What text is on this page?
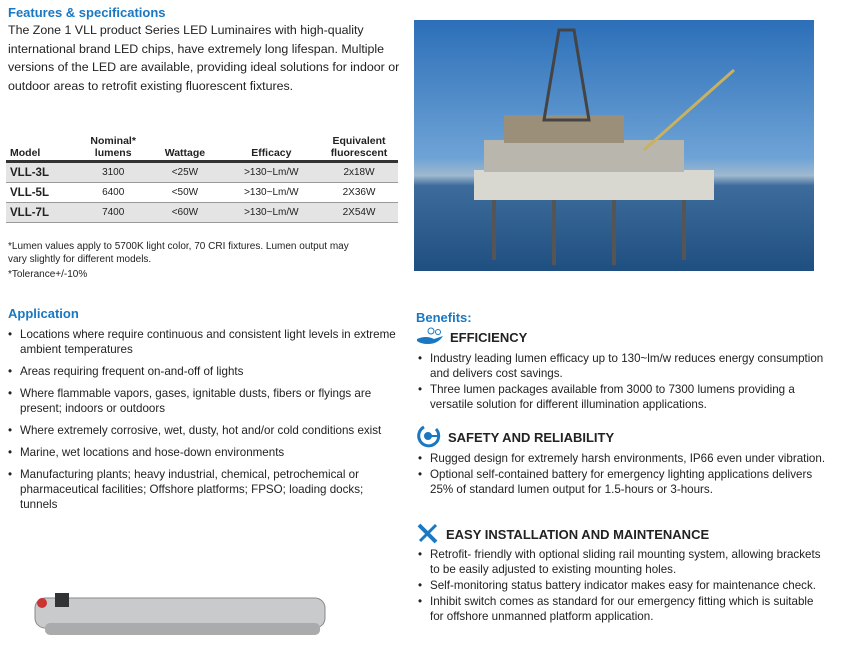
Features & specifications
The Zone 1 VLL product Series LED Luminaires with high-quality international brand LED chips, have extremely long lifespan. Multiple versions of the LED are available, providing ideal solutions for indoor or outdoor areas to retrofit existing fluorescent fixtures.
Model	Nominal* lumens	Wattage	Efficacy	Equivalent fluorescent
VLL-3L	3100	<25W	>130~Lm/W	2x18W
VLL-5L	6400	<50W	>130~Lm/W	2X36W
VLL-7L	7400	<60W	>130~Lm/W	2X54W
*Lumen values apply to 5700K light color, 70 CRI fixtures. Lumen output may vary slightly for different models.
*Tolerance+/-10%
Application
• Locations where require continuous and consistent light levels in extreme ambient temperatures
• Areas requiring frequent on-and-off of lights
• Where flammable vapors, gases, ignitable dusts, fibers or flyings are present; indoors or outdoors
• Where extremely corrosive, wet, dusty, hot and/or cold conditions exist
• Marine, wet locations and hose-down environments
• Manufacturing plants; heavy industrial, chemical, petrochemical or pharmaceutical facilities; Offshore platforms; FPSO; loading docks; tunnels
Benefits:
EFFICIENCY
• Industry leading lumen efficacy up to 130~lm/w reduces energy consumption and delivers cost savings.
• Three lumen packages available from 3000 to 7300 lumens providing a versatile solution for different illumination applications.
SAFETY AND RELIABILITY
• Rugged design for extremely harsh environments, IP66 even under vibration.
• Optional self-contained battery for emergency lighting applications delivers 25% of standard lumen output for 1.5-hours or 3-hours.
EASY INSTALLATION AND MAINTENANCE
• Retrofit- friendly with optional sliding rail mounting system, allowing brackets to be easily adjusted to existing mounting holes.
• Self-monitoring status battery indicator makes easy for maintenance check.
• Inhibit switch comes as standard for our emergency fitting which is suitable for offshore unmanned platform application.
